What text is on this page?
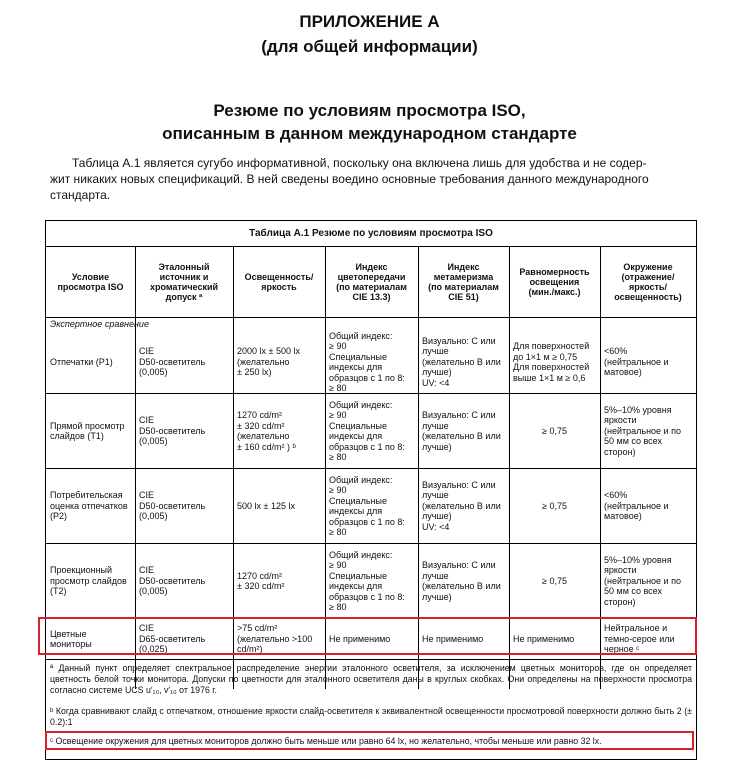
ПРИЛОЖЕНИЕ А
(для общей информации)
Резюме по условиям просмотра ISO,
описанным в данном международном стандарте
Таблица А.1 является сугубо информативной, поскольку она включена лишь для удобства и не содер-
жит никаких новых спецификаций. В ней сведены воедино основные требования данного международного
стандарта.
Таблица А.1 Резюме по условиям просмотра ISO
Экспертное сравнение
Условие
просмотра ISO
Эталонный
источник и
хроматический
допуск ª
Освещенность/
яркость
Индекс
цветопередачи
(по материалам
CIE 13.3)
Индекс
метамеризма
(по материалам
CIE 51)
Равномерность
освещения
(мин./макс.)
Окружение
(отражение/
яркость/
освещенность)
Отпечатки (P1)
CIE
D50-осветитель
(0,005)
2000 lx ± 500 lx
(желательно
± 250 lx)
Общий индекс:
≥ 90
Специальные
индексы для
образцов с 1 по 8:
≥ 80
Визуально: С или
лучше
(желательно В или
лучше)
UV: <4
Для поверхностей
до 1×1 м ≥ 0,75
Для поверхностей
выше 1×1 м ≥ 0,6
<60%
(нейтральное и
матовое)
Прямой просмотр
слайдов (T1)
CIE
D50-осветитель
(0,005)
1270 cd/m²
± 320 cd/m²
(желательно
± 160 cd/m² ) ᵇ
Общий индекс:
≥ 90
Специальные
индексы для
образцов с 1 по 8:
≥ 80
Визуально: С или
лучше
(желательно В или
лучше)
≥ 0,75
5%–10% уровня
яркости
(нейтральное и по
50 мм со всех
сторон)
Потребительская
оценка отпечатков
(P2)
CIE
D50-осветитель
(0,005)
500 lx ± 125 lx
Общий индекс:
≥ 90
Специальные
индексы для
образцов с 1 по 8:
≥ 80
Визуально: С или
лучше
(желательно В или
лучше)
UV: <4
≥ 0,75
<60%
(нейтральное и
матовое)
Проекционный
просмотр слайдов
(T2)
CIE
D50-осветитель
(0,005)
1270 cd/m²
± 320 cd/m²
Общий индекс:
≥ 90
Специальные
индексы для
образцов с 1 по 8:
≥ 80
Визуально: С или
лучше
(желательно В или
лучше)
≥ 0,75
5%–10% уровня
яркости
(нейтральное и по
50 мм со всех
сторон)
Цветные
мониторы
CIE
D65-осветитель
(0,025)
>75 cd/m²
(желательно >100
cd/m²)
Не применимо	Не применимо	Не применимо
Нейтральное и
темно-серое или
черное ᶜ
ª Данный пункт определяет спектральное распределение энергии эталонного осветителя, за исключением цветных мониторов, где он определяет цветность белой точки монитора. Допуски по цветности для эталонного осветителя даны в круглых скобках. Они определены на поверхности просмотра согласно системе UCS u′₁₀, v′₁₀ от 1976 г.
ᵇ Когда сравнивают слайд с отпечатком, отношение яркости слайд-осветителя к эквивалентной освещенности просмотровой поверхности должно быть 2 (± 0.2):1
ᶜ Освещение окружения для цветных мониторов должно быть меньше или равно 64 lx, но желательно, чтобы меньше или равно 32 lx.
